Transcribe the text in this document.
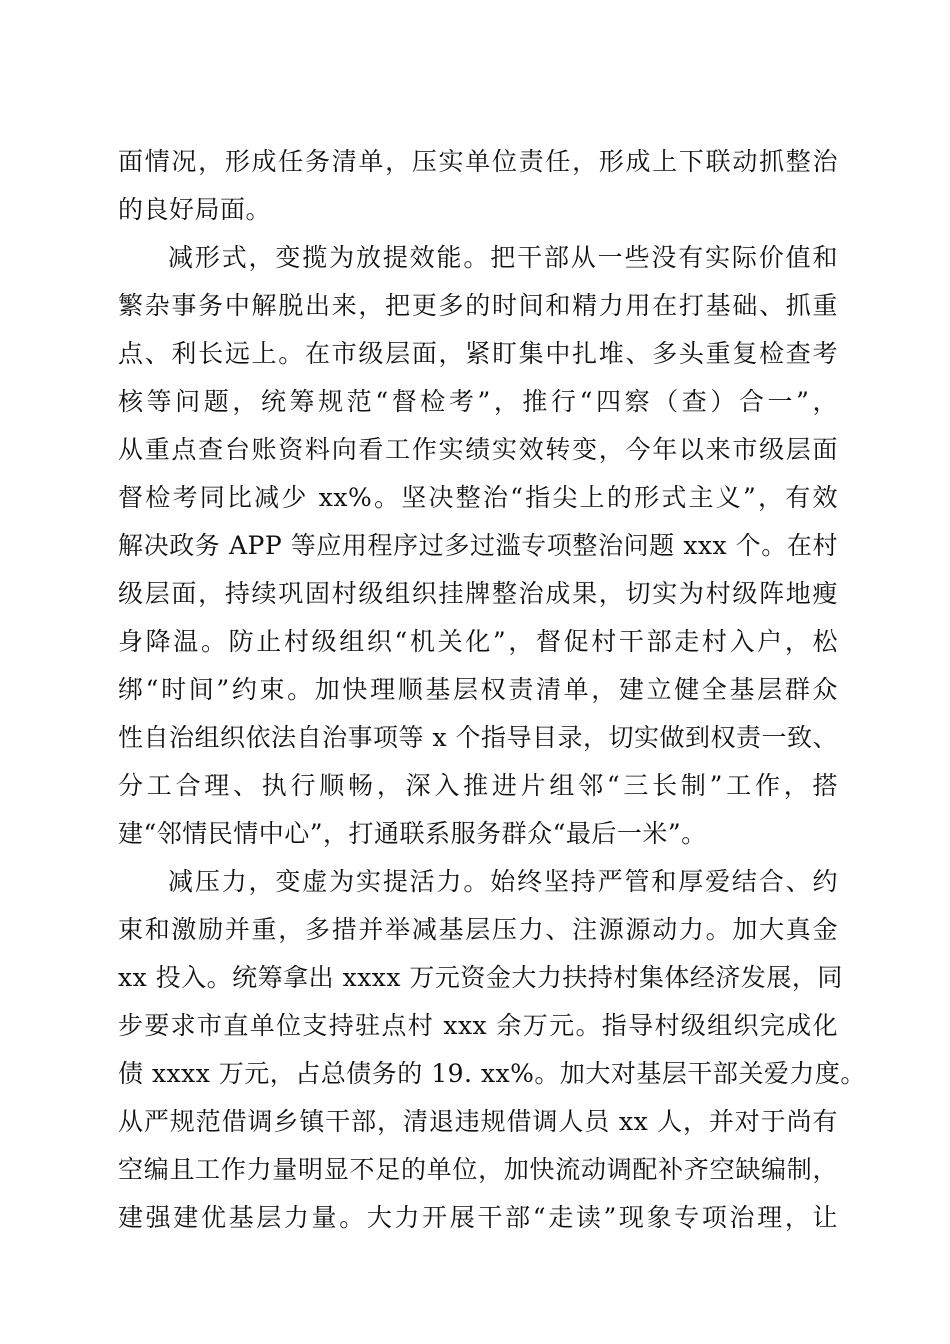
面情况，形成任务清单，压实单位责任，形成上下联动抓整治
的良好局面。
减形式，变揽为放提效能。把干部从一些没有实际价值和
繁杂事务中解脱出来，把更多的时间和精力用在打基础、抓重
点、利长远上。在市级层面，紧盯集中扎堆、多头重复检查考
核等问题，统筹规范“督检考”，推行“四察（查）合一”，
从重点查台账资料向看工作实绩实效转变，今年以来市级层面
督检考同比减少 xx%。坚决整治“指尖上的形式主义”，有效
解决政务 APP 等应用程序过多过滥专项整治问题 xxx 个。在村
级层面，持续巩固村级组织挂牌整治成果，切实为村级阵地瘦
身降温。防止村级组织“机关化”，督促村干部走村入户，松
绑“时间”约束。加快理顺基层权责清单，建立健全基层群众
性自治组织依法自治事项等 x 个指导目录，切实做到权责一致、
分工合理、执行顺畅，深入推进片组邻“三长制”工作，搭
建“邻情民情中心”，打通联系服务群众“最后一米”。
减压力，变虚为实提活力。始终坚持严管和厚爱结合、约
束和激励并重，多措并举减基层压力、注源源动力。加大真金
xx 投入。统筹拿出 xxxx 万元资金大力扶持村集体经济发展，同
步要求市直单位支持驻点村 xxx 余万元。指导村级组织完成化
债 xxxx 万元，占总债务的 19. xx%。加大对基层干部关爱力度。
从严规范借调乡镇干部，清退违规借调人员 xx 人，并对于尚有
空编且工作力量明显不足的单位，加快流动调配补齐空缺编制，
建强建优基层力量。大力开展干部“走读”现象专项治理，让
